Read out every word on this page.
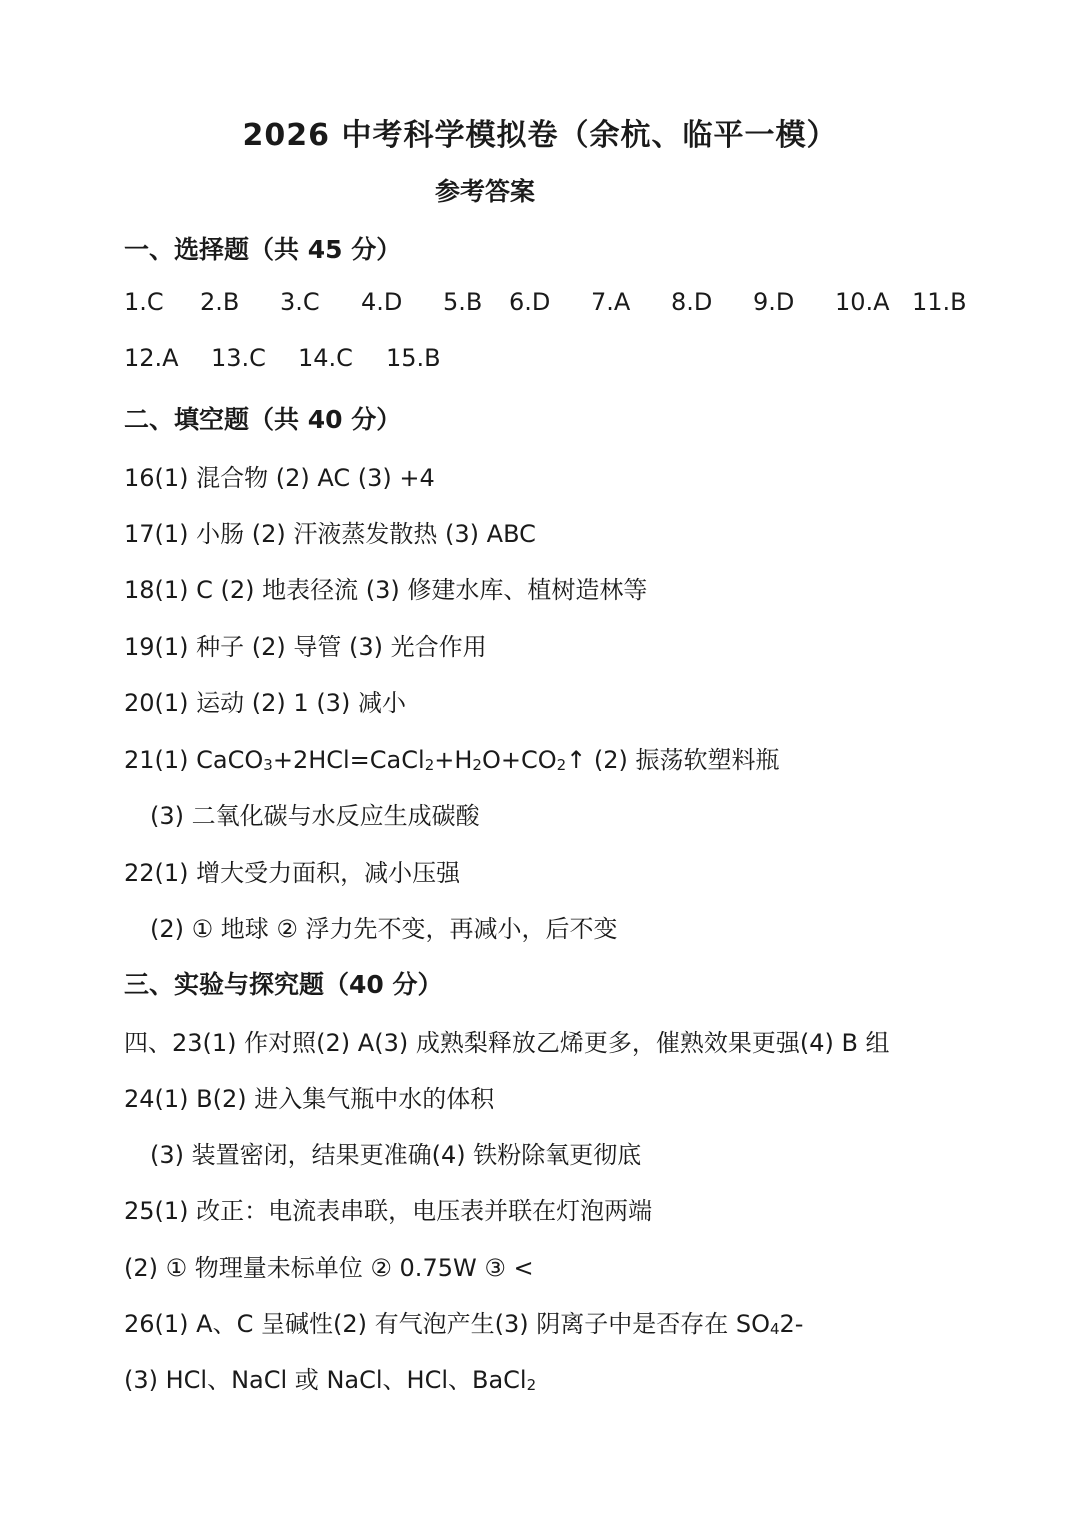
2026 中考科学模拟卷（余杭、临平一模）
参考答案
一、选择题（共 45 分）
1.C 2.B 3.C 4.D 5.B 6.D 7.A 8.D 9.D 10.A 11.B
12.A 13.C 14.C 15.B
二、填空题（共 40 分）
16(1) 混合物 (2) AC (3) +4
17(1) 小肠 (2) 汗液蒸发散热 (3) ABC
18(1) C (2) 地表径流 (3) 修建水库、植树造林等
19(1) 种子 (2) 导管 (3) 光合作用
20(1) 运动 (2) 1 (3) 减小
21(1) $CaCO_3+2HCl=CaCl_2+H_2O+CO_2↑$ (2) 振荡软塑料瓶
(3) 二氧化碳与水反应生成碳酸
22(1) 增大受力面积，减小压强
(2) ① 地球 ② 浮力先不变，再减小，后不变
三、实验与探究题（40 分）
四、23(1) 作对照(2) A(3) 成熟梨释放乙烯更多，催熟效果更强(4) B 组
24(1) B(2) 进入集气瓶中水的体积
(3) 装置密闭，结果更准确(4) 铁粉除氧更彻底
25(1) 改正：电流表串联，电压表并联在灯泡两端
(2) ① 物理量未标单位 ② 0.75W ③ <
26(1) A、C 呈碱性(2) 有气泡产生(3) 阴离子中是否存在 $SO_42-$
(3) HCl、NaCl 或 NaCl、HCl、BaCl$_2$
